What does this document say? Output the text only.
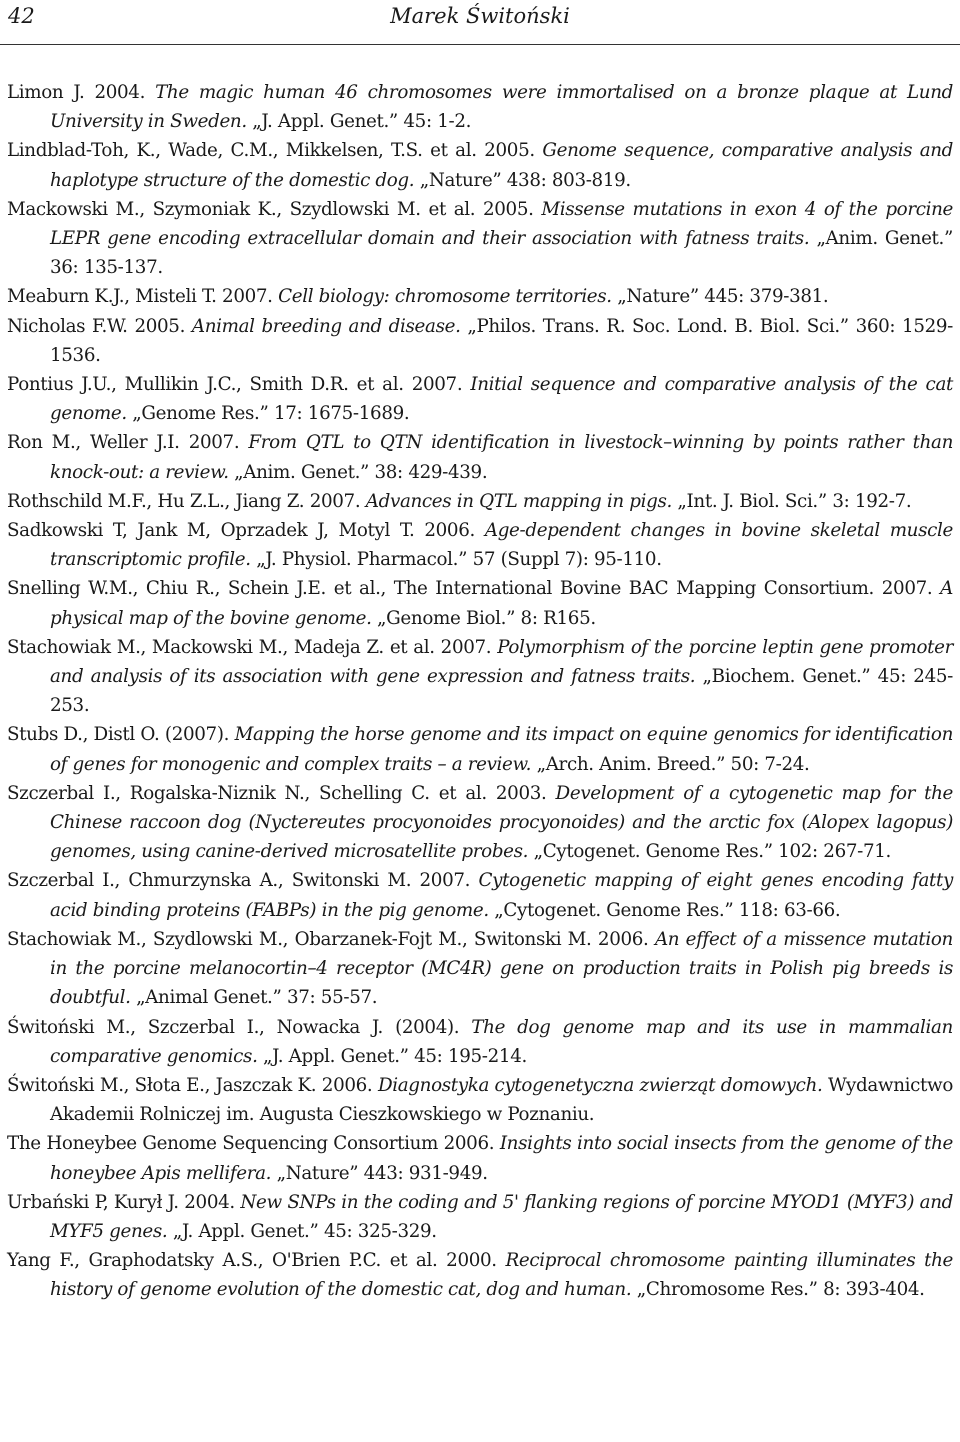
42	Marek Świtoński

Limon J. 2004. The magic human 46 chromosomes were immortalised on a bronze plaque at Lund University in Sweden. „J. Appl. Genet.” 45: 1-2.

Lindblad-Toh, K., Wade, C.M., Mikkelsen, T.S. et al. 2005. Genome sequence, comparative analysis and haplotype structure of the domestic dog. „Nature” 438: 803-819.

Mackowski M., Szymoniak K., Szydlowski M. et al. 2005. Missense mutations in exon 4 of the porcine LEPR gene encoding extracellular domain and their association with fatness traits. „Anim. Genet.” 36: 135-137.

Meaburn K.J., Misteli T. 2007. Cell biology: chromosome territories. „Nature” 445: 379-381.

Nicholas F.W. 2005. Animal breeding and disease. „Philos. Trans. R. Soc. Lond. B. Biol. Sci.” 360: 1529-1536.

Pontius J.U., Mullikin J.C., Smith D.R. et al. 2007. Initial sequence and comparative analysis of the cat genome. „Genome Res.” 17: 1675-1689.

Ron M., Weller J.I. 2007. From QTL to QTN identification in livestock–winning by points rather than knock-out: a review. „Anim. Genet.” 38: 429-439.

Rothschild M.F., Hu Z.L., Jiang Z. 2007. Advances in QTL mapping in pigs. „Int. J. Biol. Sci.” 3: 192-7.

Sadkowski T, Jank M, Oprzadek J, Motyl T. 2006. Age-dependent changes in bovine skeletal muscle transcriptomic profile. „J. Physiol. Pharmacol.” 57 (Suppl 7): 95-110.

Snelling W.M., Chiu R., Schein J.E. et al., The International Bovine BAC Mapping Consortium. 2007. A physical map of the bovine genome. „Genome Biol.” 8: R165.

Stachowiak M., Mackowski M., Madeja Z. et al. 2007. Polymorphism of the porcine leptin gene promoter and analysis of its association with gene expression and fatness traits. „Biochem. Genet.” 45: 245-253.

Stubs D., Distl O. (2007). Mapping the horse genome and its impact on equine genomics for identification of genes for monogenic and complex traits – a review. „Arch. Anim. Breed.” 50: 7-24.

Szczerbal I., Rogalska-Niznik N., Schelling C. et al. 2003. Development of a cytogenetic map for the Chinese raccoon dog (Nyctereutes procyonoides procyonoides) and the arctic fox (Alopex lagopus) genomes, using canine-derived microsatellite probes. „Cytogenet. Genome Res.” 102: 267-71.

Szczerbal I., Chmurzynska A., Switonski M. 2007. Cytogenetic mapping of eight genes encoding fatty acid binding proteins (FABPs) in the pig genome. „Cytogenet. Genome Res.” 118: 63-66.

Stachowiak M., Szydlowski M., Obarzanek-Fojt M., Switonski M. 2006. An effect of a missence mutation in the porcine melanocortin–4 receptor (MC4R) gene on production traits in Polish pig breeds is doubtful. „Animal Genet.” 37: 55-57.

Świtoński M., Szczerbal I., Nowacka J. (2004). The dog genome map and its use in mammalian comparative genomics. „J. Appl. Genet.” 45: 195-214.

Świtoński M., Słota E., Jaszczak K. 2006. Diagnostyka cytogenetyczna zwierząt domowych. Wydawnictwo Akademii Rolniczej im. Augusta Cieszkowskiego w Poznaniu.

The Honeybee Genome Sequencing Consortium 2006. Insights into social insects from the genome of the honeybee Apis mellifera. „Nature” 443: 931-949.

Urbański P, Kurył J. 2004. New SNPs in the coding and 5' flanking regions of porcine MYOD1 (MYF3) and MYF5 genes. „J. Appl. Genet.” 45: 325-329.

Yang F., Graphodatsky A.S., O'Brien P.C. et al. 2000. Reciprocal chromosome painting illuminates the history of genome evolution of the domestic cat, dog and human. „Chromosome Res.” 8: 393-404.
